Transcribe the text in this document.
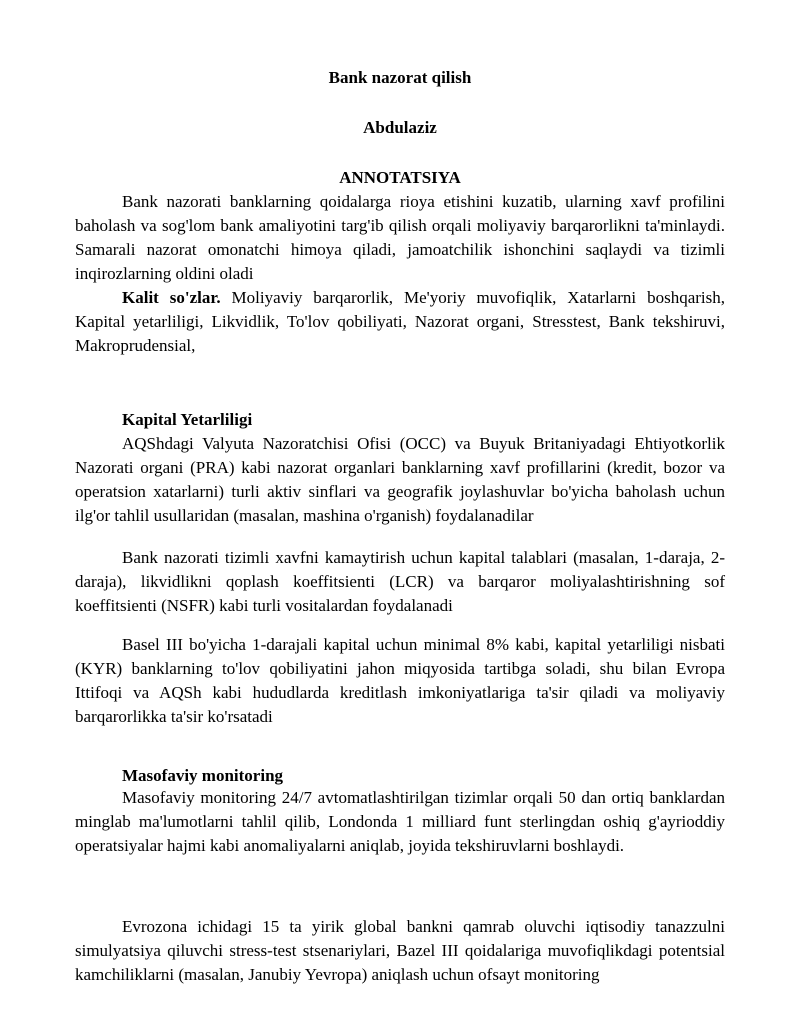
Bank nazorat qilish
Abdulaziz
ANNOTATSIYA

Bank nazorati banklarning qoidalarga rioya etishini kuzatib, ularning xavf profilini baholash va sog'lom bank amaliyotini targ'ib qilish orqali moliyaviy barqarorlikni ta'minlaydi. Samarali nazorat omonatchi himoya qiladi, jamoatchilik ishonchini saqlaydi va tizimli inqirozlarning oldini oladi

Kalit so'zlar. Moliyaviy barqarorlik, Me'yoriy muvofiqlik, Xatarlarni boshqarish, Kapital yetarliligi, Likvidlik, To'lov qobiliyati, Nazorat organi, Stresstest, Bank tekshiruvi, Makroprudensial,

Kapital Yetarliligi

AQShdagi Valyuta Nazoratchisi Ofisi (OCC) va Buyuk Britaniyadagi Ehtiyotkorlik Nazorati organi (PRA) kabi nazorat organlari banklarning xavf profillarini (kredit, bozor va operatsion xatarlarni) turli aktiv sinflari va geografik joylashuvlar bo'yicha baholash uchun ilg'or tahlil usullaridan (masalan, mashina o'rganish) foydalanadilar

Bank nazorati tizimli xavfni kamaytirish uchun kapital talablari (masalan, 1-daraja, 2-daraja), likvidlikni qoplash koeffitsienti (LCR) va barqaror moliyalashtirishning sof koeffitsienti (NSFR) kabi turli vositalardan foydalanadi

Basel III bo'yicha 1-darajali kapital uchun minimal 8% kabi, kapital yetarliligi nisbati (KYR) banklarning to'lov qobiliyatini jahon miqyosida tartibga soladi, shu bilan Evropa Ittifoqi va AQSh kabi hududlarda kreditlash imkoniyatlariga ta'sir qiladi va moliyaviy barqarorlikka ta'sir ko'rsatadi

Masofaviy monitoring

Masofaviy monitoring 24/7 avtomatlashtirilgan tizimlar orqali 50 dan ortiq banklardan minglab ma'lumotlarni tahlil qilib, Londonda 1 milliard funt sterlingdan oshiq g'ayrioddiy operatsiyalar hajmi kabi anomaliyalarni aniqlab, joyida tekshiruvlarni boshlaydi.

Evrozona ichidagi 15 ta yirik global bankni qamrab oluvchi iqtisodiy tanazzulni simulyatsiya qiluvchi stress-test stsenariylari, Bazel III qoidalariga muvofiqlikdagi potentsial kamchiliklarni (masalan, Janubiy Yevropa) aniqlash uchun ofsayt monitoring
